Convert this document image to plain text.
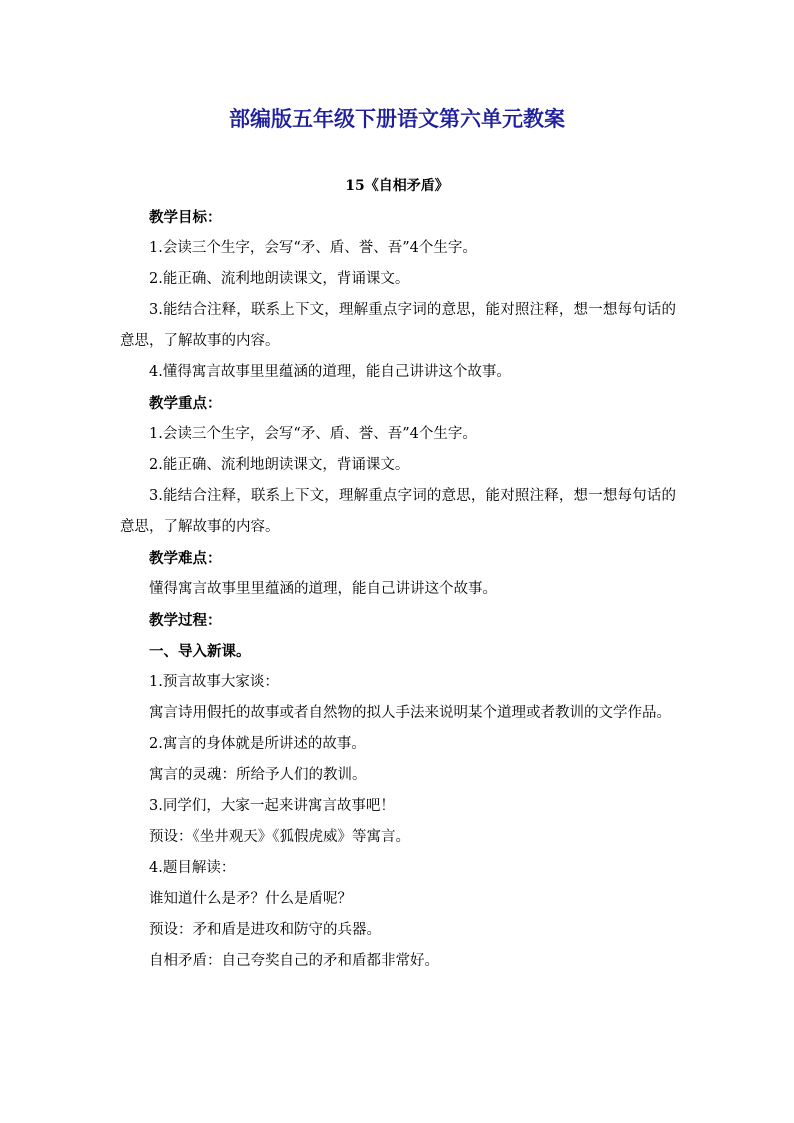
部编版五年级下册语文第六单元教案
15《自相矛盾》

教学目标：

1.会读三个生字，会写“矛、盾、誉、吾”4个生字。

2.能正确、流利地朗读课文，背诵课文。

3.能结合注释，联系上下文，理解重点字词的意思，能对照注释，想一想每句话的意思，了解故事的内容。

4.懂得寓言故事里里蕴涵的道理，能自己讲讲这个故事。

教学重点：

1.会读三个生字，会写“矛、盾、誉、吾”4个生字。

2.能正确、流利地朗读课文，背诵课文。

3.能结合注释，联系上下文，理解重点字词的意思，能对照注释，想一想每句话的意思，了解故事的内容。

教学难点：

懂得寓言故事里里蕴涵的道理，能自己讲讲这个故事。

教学过程：

一、导入新课。

1.预言故事大家谈：

寓言诗用假托的故事或者自然物的拟人手法来说明某个道理或者教训的文学作品。

2.寓言的身体就是所讲述的故事。

寓言的灵魂：所给予人们的教训。

3.同学们，大家一起来讲寓言故事吧！

预设：《坐井观天》《狐假虎威》等寓言。

4.题目解读：

谁知道什么是矛？什么是盾呢？

预设：矛和盾是进攻和防守的兵器。

自相矛盾：自己夸奖自己的矛和盾都非常好。
